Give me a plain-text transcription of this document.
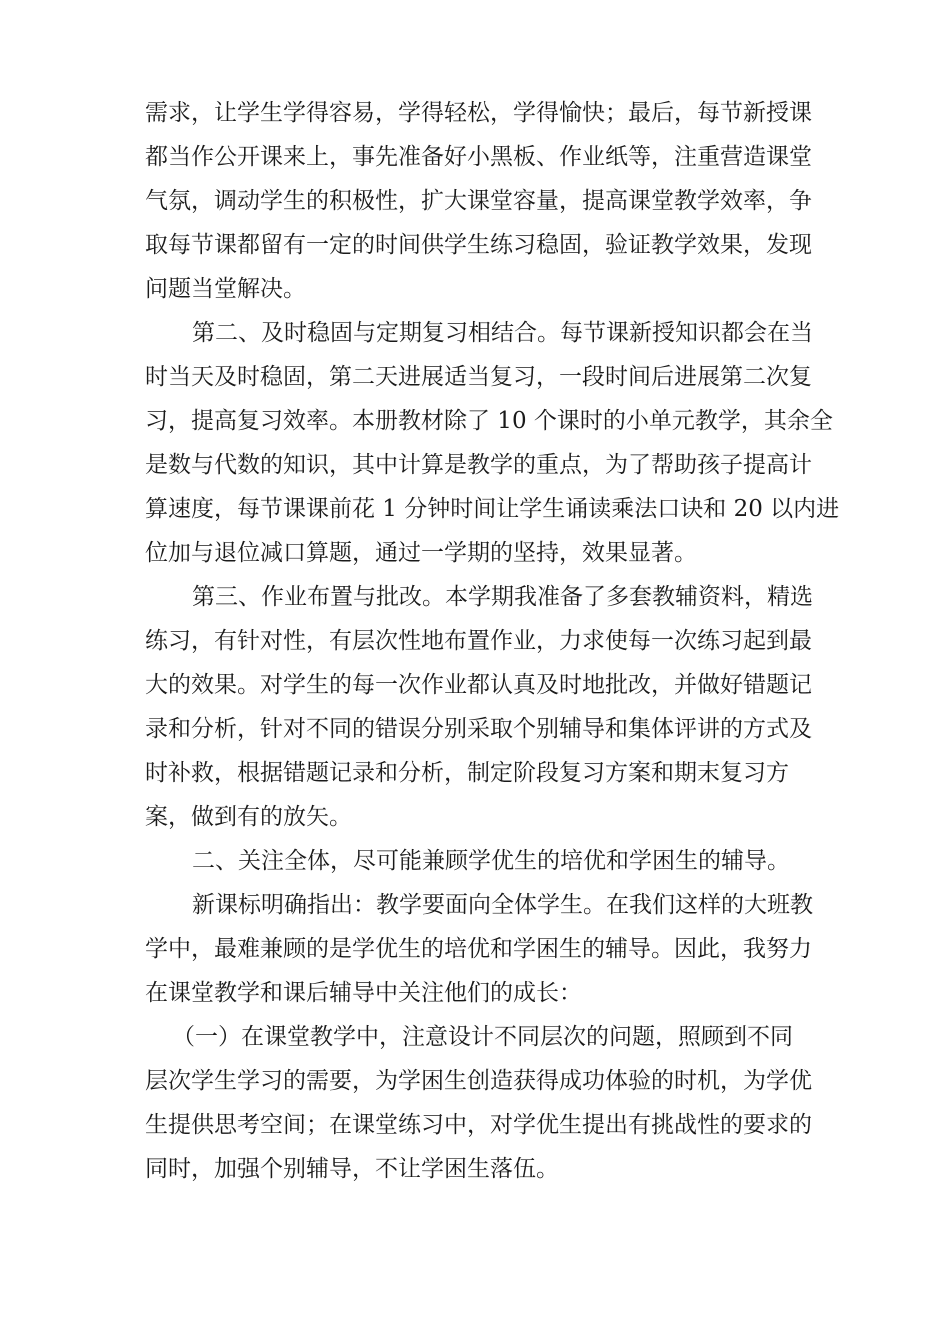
需求，让学生学得容易，学得轻松，学得愉快；最后，每节新授课

都当作公开课来上，事先准备好小黑板、作业纸等，注重营造课堂

气氛，调动学生的积极性，扩大课堂容量，提高课堂教学效率，争

取每节课都留有一定的时间供学生练习稳固，验证教学效果，发现

问题当堂解决。

第二、及时稳固与定期复习相结合。每节课新授知识都会在当

时当天及时稳固，第二天进展适当复习，一段时间后进展第二次复

习，提高复习效率。本册教材除了 10 个课时的小单元教学，其余全

是数与代数的知识，其中计算是教学的重点，为了帮助孩子提高计

算速度，每节课课前花 1 分钟时间让学生诵读乘法口诀和 20 以内进

位加与退位减口算题，通过一学期的坚持，效果显著。

第三、作业布置与批改。本学期我准备了多套教辅资料，精选

练习，有针对性，有层次性地布置作业，力求使每一次练习起到最

大的效果。对学生的每一次作业都认真及时地批改，并做好错题记

录和分析，针对不同的错误分别采取个别辅导和集体评讲的方式及

时补救，根据错题记录和分析，制定阶段复习方案和期末复习方

案，做到有的放矢。

二、关注全体，尽可能兼顾学优生的培优和学困生的辅导。

新课标明确指出：教学要面向全体学生。在我们这样的大班教

学中，最难兼顾的是学优生的培优和学困生的辅导。因此，我努力

在课堂教学和课后辅导中关注他们的成长：

（一）在课堂教学中，注意设计不同层次的问题，照顾到不同

层次学生学习的需要，为学困生创造获得成功体验的时机，为学优

生提供思考空间；在课堂练习中，对学优生提出有挑战性的要求的

同时，加强个别辅导，不让学困生落伍。
